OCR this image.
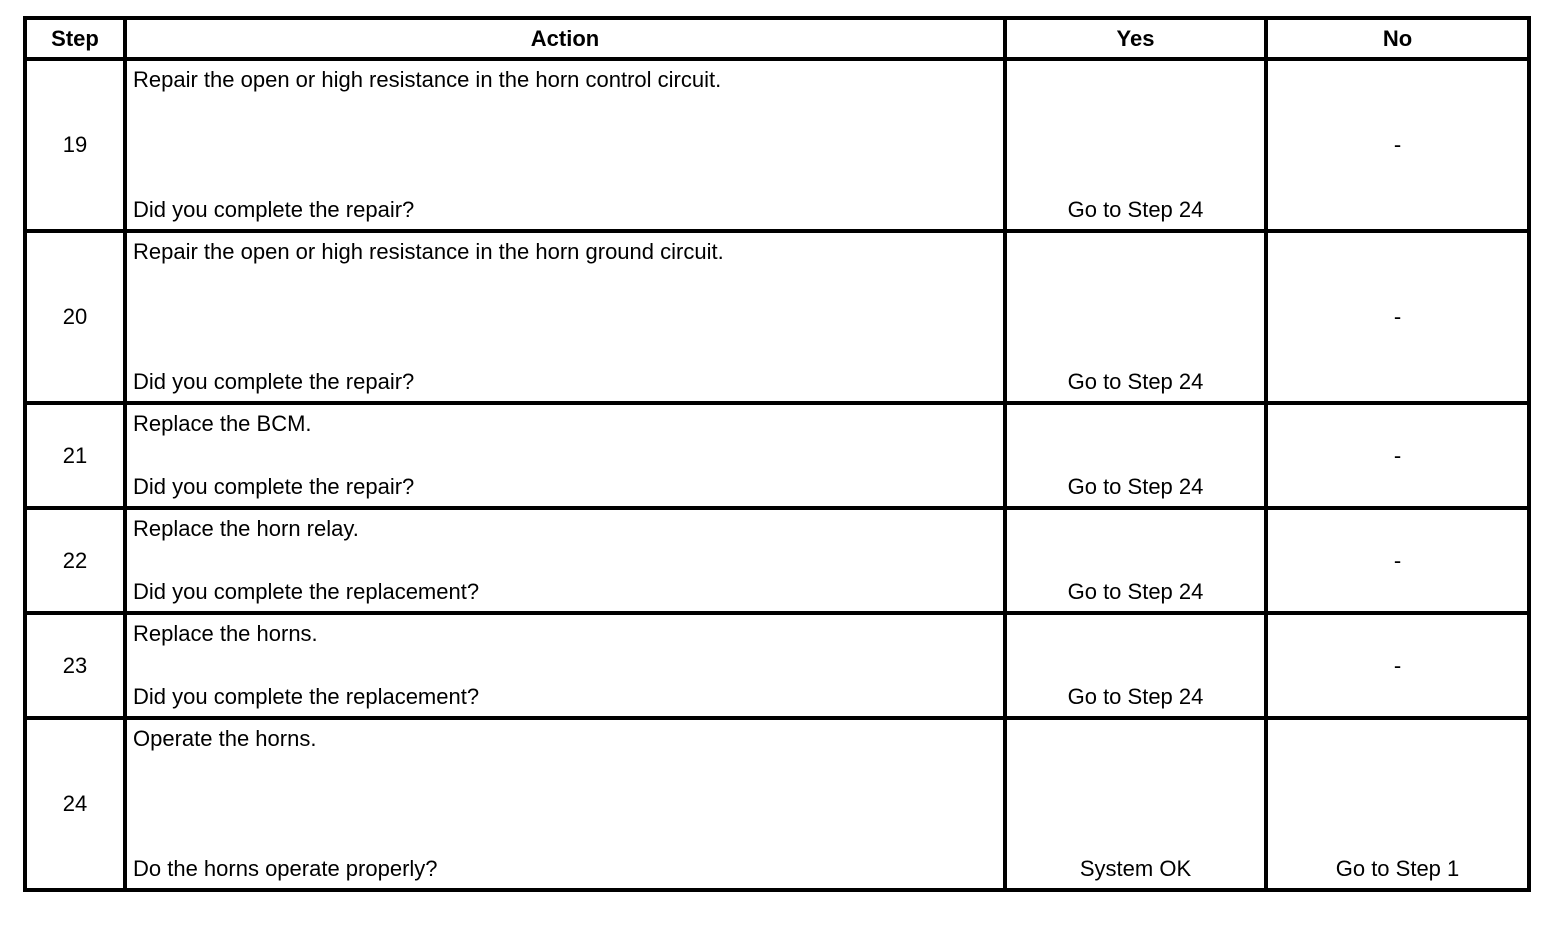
Step	Action	Yes	No
19	Repair the open or high resistance in the horn control circuit.
Did you complete the repair?	Go to Step 24	-

20	Repair the open or high resistance in the horn ground circuit.
Did you complete the repair?	Go to Step 24	-

21	Replace the BCM.
Did you complete the repair?	Go to Step 24	-

22	Replace the horn relay.
Did you complete the replacement?	Go to Step 24	-

23	Replace the horns.
Did you complete the replacement?	Go to Step 24	-

24	Operate the horns.
Do the horns operate properly?	System OK	Go to Step 1
